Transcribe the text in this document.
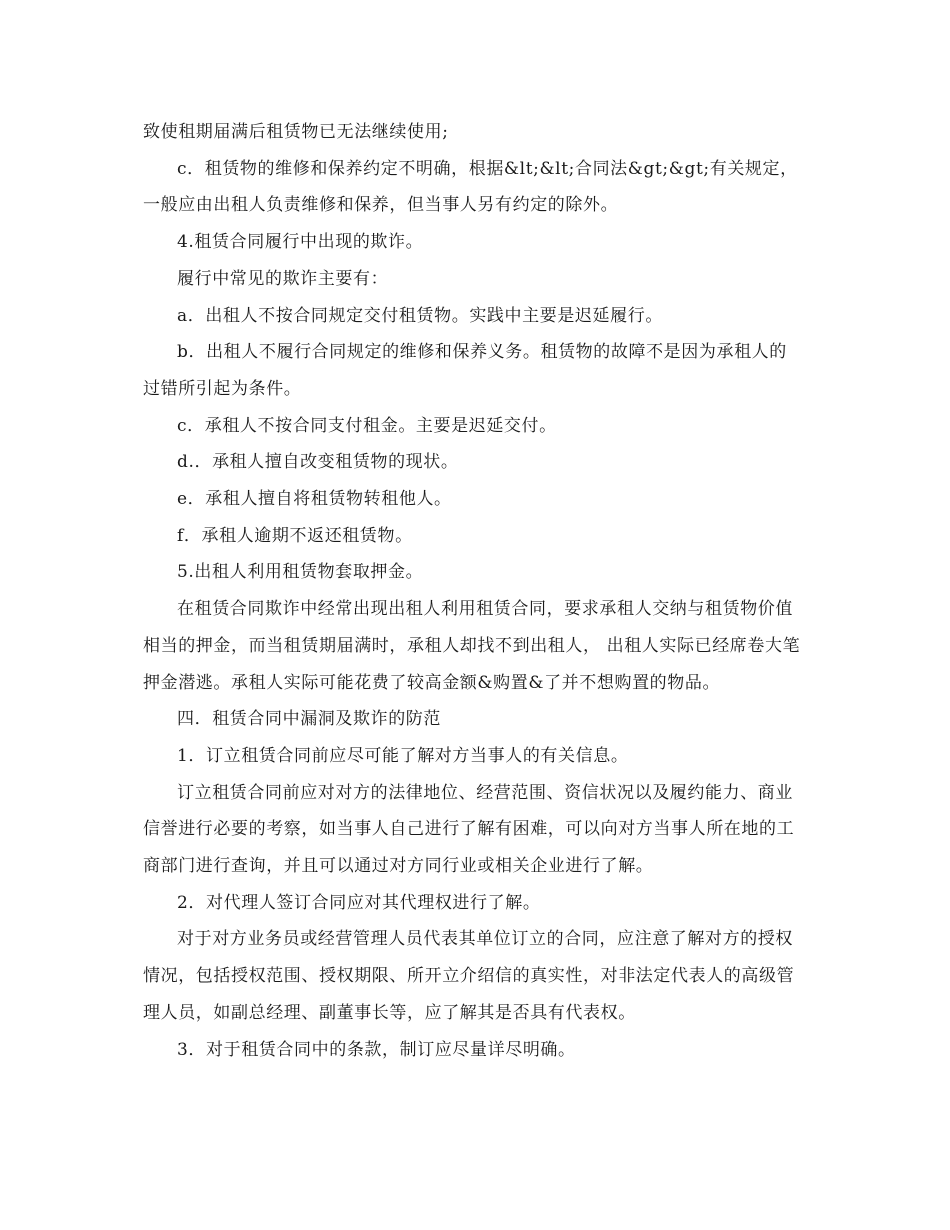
致使租期届满后租赁物已无法继续使用;

c．租赁物的维修和保养约定不明确，根据&lt;&lt;合同法&gt;&gt;有关规定，一般应由出租人负责维修和保养，但当事人另有约定的除外。

4.租赁合同履行中出现的欺诈。

履行中常见的欺诈主要有：

a．出租人不按合同规定交付租赁物。实践中主要是迟延履行。

b．出租人不履行合同规定的维修和保养义务。租赁物的故障不是因为承租人的过错所引起为条件。

c．承租人不按合同支付租金。主要是迟延交付。

d.．承租人擅自改变租赁物的现状。

e．承租人擅自将租赁物转租他人。

f．承租人逾期不返还租赁物。

5.出租人利用租赁物套取押金。

在租赁合同欺诈中经常出现出租人利用租赁合同，要求承租人交纳与租赁物价值相当的押金，而当租赁期届满时，承租人却找不到出租人， 出租人实际已经席卷大笔押金潜逃。承租人实际可能花费了较高金额&购置&了并不想购置的物品。

四．租赁合同中漏洞及欺诈的防范

1．订立租赁合同前应尽可能了解对方当事人的有关信息。

订立租赁合同前应对对方的法律地位、经营范围、资信状况以及履约能力、商业信誉进行必要的考察，如当事人自己进行了解有困难，可以向对方当事人所在地的工商部门进行查询，并且可以通过对方同行业或相关企业进行了解。

2．对代理人签订合同应对其代理权进行了解。

对于对方业务员或经营管理人员代表其单位订立的合同，应注意了解对方的授权情况，包括授权范围、授权期限、所开立介绍信的真实性，对非法定代表人的高级管理人员，如副总经理、副董事长等，应了解其是否具有代表权。

3．对于租赁合同中的条款，制订应尽量详尽明确。
